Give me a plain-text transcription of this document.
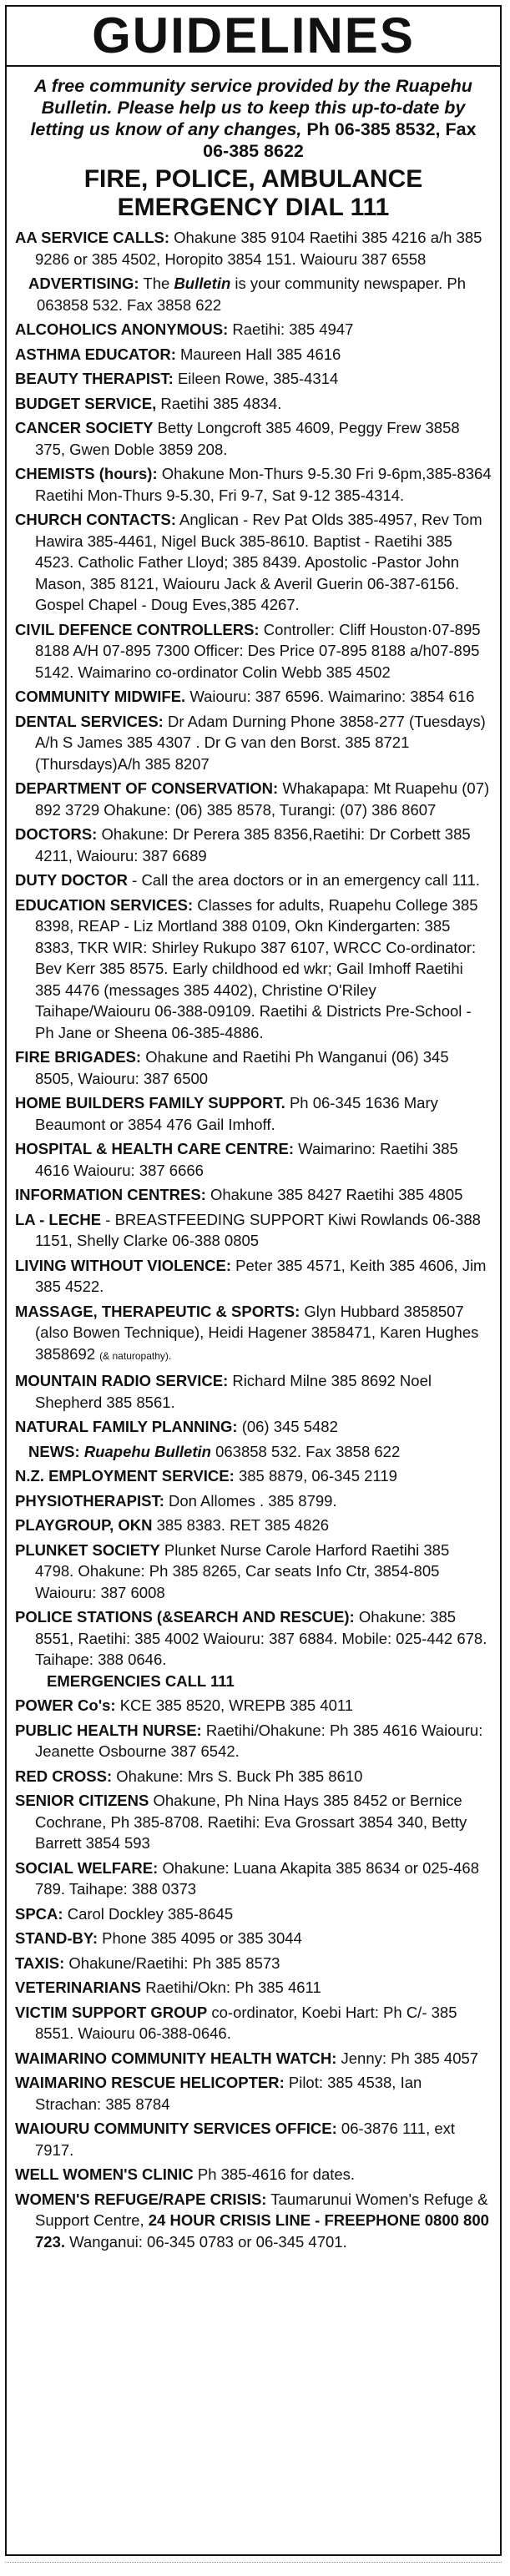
GUIDELINES
A free community service provided by the Ruapehu Bulletin. Please help us to keep this up-to-date by letting us know of any changes, Ph 06-385 8532, Fax 06-385 8622
FIRE, POLICE, AMBULANCE
EMERGENCY DIAL 111
AA SERVICE CALLS: Ohakune 385 9104 Raetihi 385 4216 a/h 385 9286 or 385 4502, Horopito 3854 151. Waiouru 387 6558
ADVERTISING: The Bulletin is your community newspaper. Ph 063858 532. Fax 3858 622
ALCOHOLICS ANONYMOUS: Raetihi: 385 4947
ASTHMA EDUCATOR: Maureen Hall 385 4616
BEAUTY THERAPIST: Eileen Rowe, 385-4314
BUDGET SERVICE, Raetihi 385 4834.
CANCER SOCIETY Betty Longcroft 385 4609, Peggy Frew 3858 375, Gwen Doble 3859 208.
CHEMISTS (hours): Ohakune Mon-Thurs 9-5.30 Fri 9-6pm,385-8364 Raetihi Mon-Thurs 9-5.30, Fri 9-7, Sat 9-12 385-4314.
CHURCH CONTACTS: Anglican - Rev Pat Olds 385-4957, Rev Tom Hawira 385-4461, Nigel Buck 385-8610. Baptist - Raetihi 385 4523. Catholic Father Lloyd; 385 8439. Apostolic -Pastor John Mason, 385 8121, Waiouru Jack & Averil Guerin 06-387-6156. Gospel Chapel - Doug Eves,385 4267.
CIVIL DEFENCE CONTROLLERS: Controller: Cliff Houston·07-895 8188 A/H 07-895 7300 Officer: Des Price 07-895 8188 a/h07-895 5142. Waimarino co-ordinator Colin Webb 385 4502
COMMUNITY MIDWIFE. Waiouru: 387 6596. Waimarino: 3854 616
DENTAL SERVICES: Dr Adam Durning Phone 3858-277 (Tuesdays) A/h S James 385 4307 . Dr G van den Borst. 385 8721 (Thursdays)A/h 385 8207
DEPARTMENT OF CONSERVATION: Whakapapa: Mt Ruapehu (07) 892 3729 Ohakune: (06) 385 8578, Turangi: (07) 386 8607
DOCTORS: Ohakune: Dr Perera 385 8356,Raetihi: Dr Corbett 385 4211, Waiouru: 387 6689
DUTY DOCTOR - Call the area doctors or in an emergency call 111.
EDUCATION SERVICES: Classes for adults, Ruapehu College 385 8398, REAP - Liz Mortland 388 0109, Okn Kindergarten: 385 8383, TKR WIR: Shirley Rukupo 387 6107, WRCC Co-ordinator: Bev Kerr 385 8575. Early childhood ed wkr; Gail Imhoff Raetihi 385 4476 (messages 385 4402), Christine O'Riley Taihape/Waiouru 06-388-09109. Raetihi & Districts Pre-School - Ph Jane or Sheena 06-385-4886.
FIRE BRIGADES: Ohakune and Raetihi Ph Wanganui (06) 345 8505, Waiouru: 387 6500
HOME BUILDERS FAMILY SUPPORT. Ph 06-345 1636 Mary Beaumont or 3854 476 Gail Imhoff.
HOSPITAL & HEALTH CARE CENTRE: Waimarino: Raetihi 385 4616 Waiouru: 387 6666
INFORMATION CENTRES: Ohakune 385 8427 Raetihi 385 4805
LA - LECHE - BREASTFEEDING SUPPORT Kiwi Rowlands 06-388 1151, Shelly Clarke 06-388 0805
LIVING WITHOUT VIOLENCE: Peter 385 4571, Keith 385 4606, Jim 385 4522.
MASSAGE, THERAPEUTIC & SPORTS: Glyn Hubbard 3858507 (also Bowen Technique), Heidi Hagener 3858471, Karen Hughes 3858692 (& naturopathy).
MOUNTAIN RADIO SERVICE: Richard Milne 385 8692 Noel Shepherd 385 8561.
NATURAL FAMILY PLANNING: (06) 345 5482
NEWS: Ruapehu Bulletin 063858 532. Fax 3858 622
N.Z. EMPLOYMENT SERVICE: 385 8879, 06-345 2119
PHYSIOTHERAPIST: Don Allomes . 385 8799.
PLAYGROUP, OKN 385 8383. RET 385 4826
PLUNKET SOCIETY Plunket Nurse Carole Harford Raetihi 385 4798. Ohakune: Ph 385 8265, Car seats Info Ctr, 3854-805 Waiouru: 387 6008
POLICE STATIONS (&SEARCH AND RESCUE): Ohakune: 385 8551, Raetihi: 385 4002 Waiouru: 387 6884. Mobile: 025-442 678. Taihape: 388 0646.
EMERGENCIES CALL 111
POWER Co's: KCE 385 8520, WREPB 385 4011
PUBLIC HEALTH NURSE: Raetihi/Ohakune: Ph 385 4616 Waiouru: Jeanette Osbourne 387 6542.
RED CROSS: Ohakune: Mrs S. Buck Ph 385 8610
SENIOR CITIZENS Ohakune, Ph Nina Hays 385 8452 or Bernice Cochrane, Ph 385-8708. Raetihi: Eva Grossart 3854 340, Betty Barrett 3854 593
SOCIAL WELFARE: Ohakune: Luana Akapita 385 8634 or 025-468 789. Taihape: 388 0373
SPCA: Carol Dockley 385-8645
STAND-BY: Phone 385 4095 or 385 3044
TAXIS: Ohakune/Raetihi: Ph 385 8573
VETERINARIANS Raetihi/Okn: Ph 385 4611
VICTIM SUPPORT GROUP co-ordinator, Koebi Hart: Ph C/- 385 8551. Waiouru 06-388-0646.
WAIMARINO COMMUNITY HEALTH WATCH: Jenny: Ph 385 4057
WAIMARINO RESCUE HELICOPTER: Pilot: 385 4538, Ian Strachan: 385 8784
WAIOURU COMMUNITY SERVICES OFFICE: 06-3876 111, ext 7917.
WELL WOMEN'S CLINIC Ph 385-4616 for dates.
WOMEN'S REFUGE/RAPE CRISIS: Taumarunui Women's Refuge & Support Centre, 24 HOUR CRISIS LINE - FREEPHONE 0800 800 723. Wanganui: 06-345 0783 or 06-345 4701.
